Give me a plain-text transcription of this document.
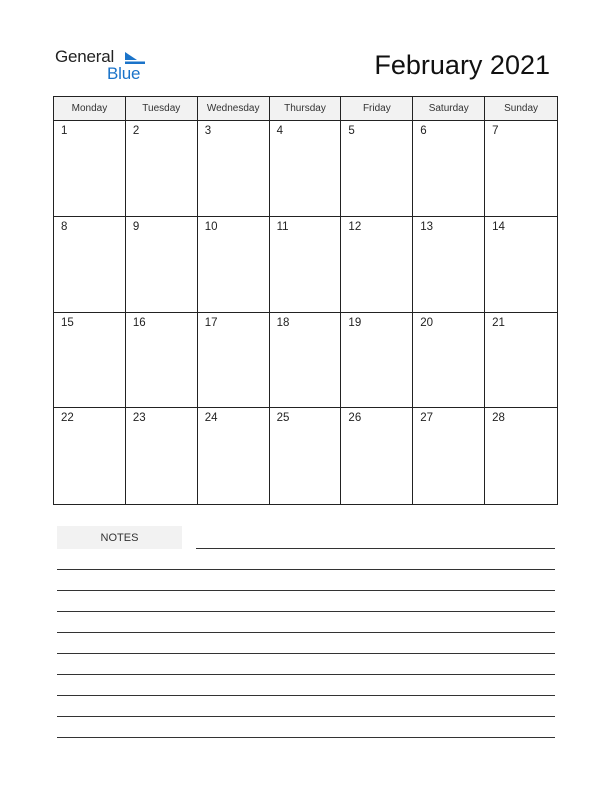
General
Blue	February 2021
Monday	Tuesday	Wednesday	Thursday	Friday	Saturday	Sunday
1	2	3	4	5	6	7
8	9	10	11	12	13	14
15	16	17	18	19	20	21
22	23	24	25	26	27	28
NOTES
